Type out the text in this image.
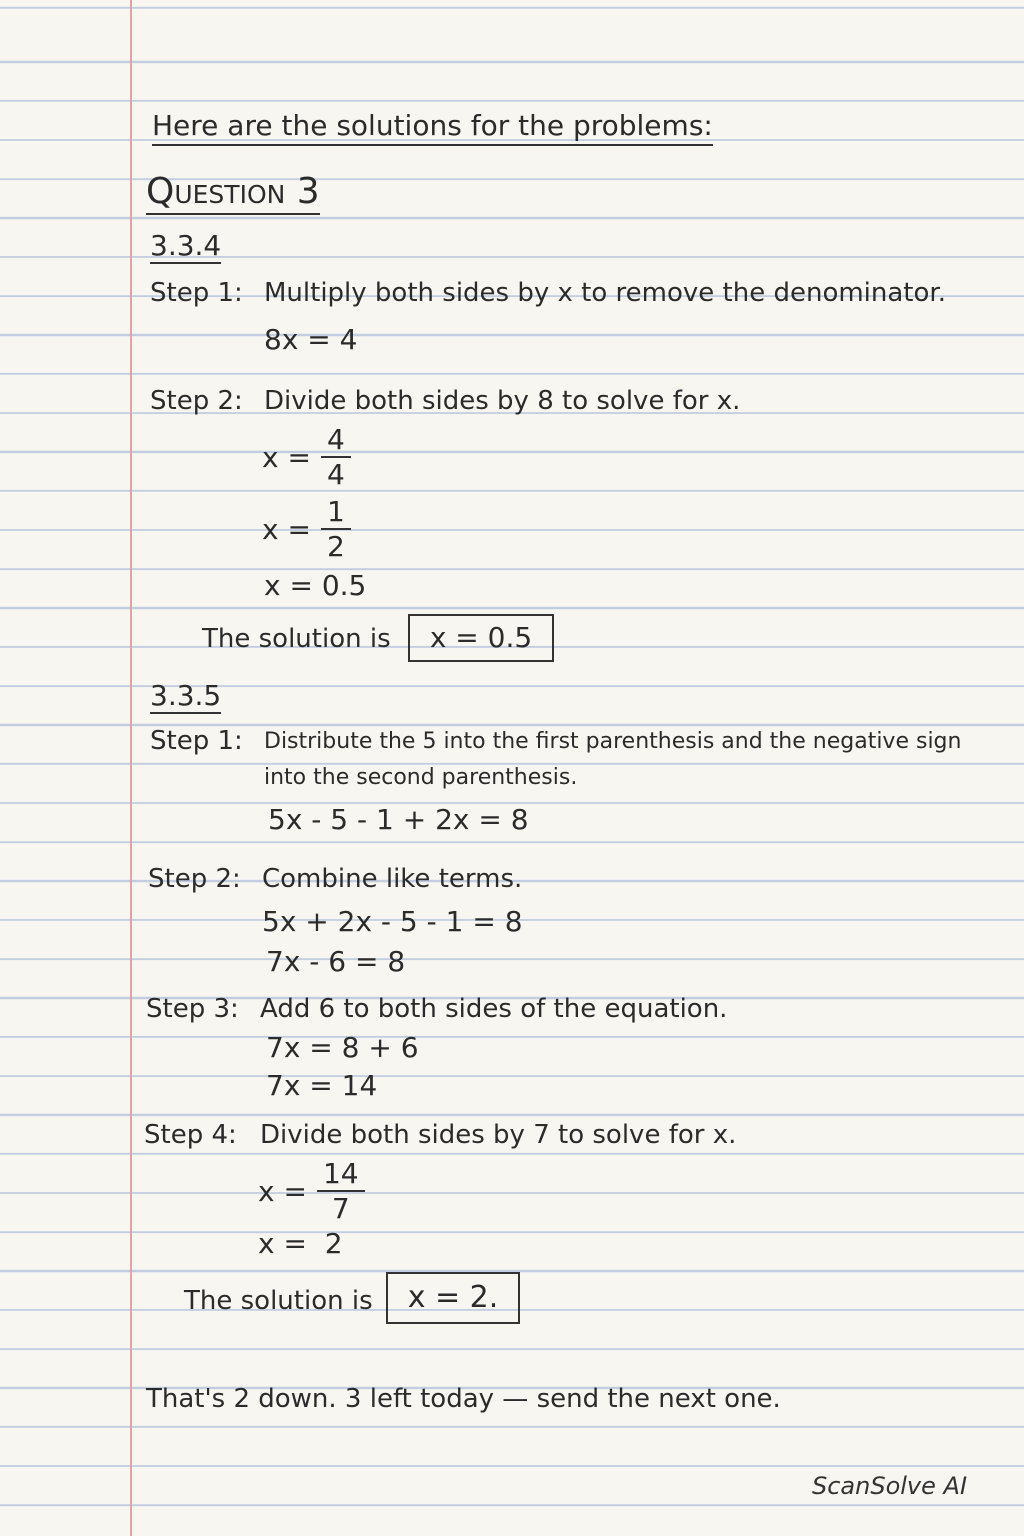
Here are the solutions for the problems:
Question 3
3.3.4
Step 1: Multiply both sides by x to remove the denominator.
8x = 4
Step 2: Divide both sides by 8 to solve for x.
$x = \frac{4}{4}$
$x = \frac{1}{2}$
x = 0.5
The solution is x = 0.5
3.3.5
Step 1: Distribute the 5 into the first parenthesis and the negative sign
into the second parenthesis.
5x - 5 - 1 + 2x = 8
Step 2: Combine like terms.
5x + 2x - 5 - 1 = 8
7x - 6 = 8
Step 3: Add 6 to both sides of the equation.
7x = 8 + 6
7x = 14
Step 4: Divide both sides by 7 to solve for x.
$x = \frac{14}{7}$
x =  2
The solution is x = 2.
That's 2 down. 3 left today — send the next one.
ScanSolve AI
